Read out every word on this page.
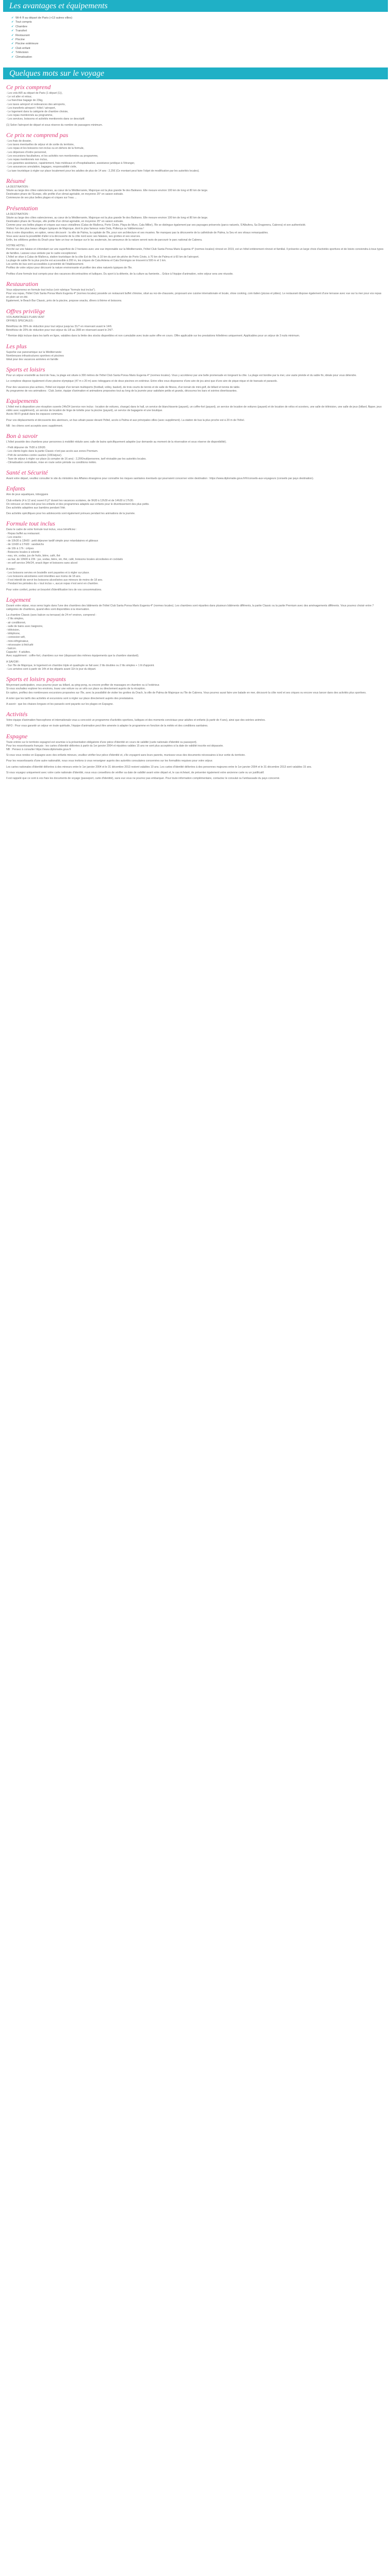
Les avantages et équipements
✔ Wi-fi ® au départ de Paris (+13 autres villes)
✔ Tout compris
✔ Chambre
✔ Transfert
✔ Restaurant
✔ Piscine
✔ Piscine extérieure
✔ Club enfant
✔ Télévision
✔ Climatisation
Quelques mots sur le voyage
Ce prix comprend

- Les vols A/R au départ de Paris (1 départ (1)),
- Le vol aller et retour,
- La franchise bagage de 23kg,
- Les taxes aéroport et redevances des aéroports,
- Les transferts aéroport / hôtel / aéroport,
- Le logement dans la catégorie de chambre choisie,
- Les repas mentionnés au programme,
- Les services, boissons et activités mentionnés dans ce descriptif.

(1) Selon l'aéroport de départ et sous réserve du nombre de passagers minimum.

Ce prix ne comprend pas

- Les frais de dossier,
- Les taxes éventuelles de séjour et de sortie du territoire,
- Les repas et les boissons non inclus ou en dehors de la formule,
- Les dépenses d'ordre personnel,
- Les excursions facultatives, et les activités non mentionnées au programme,
- Les repas mentionnés non inclus,
- Les garanties assistance, rapatriement, frais médicaux et d'hospitalisation, assistance juridique à l'étranger,
- Les assurances annulation, bagages, responsabilité civile,
- La taxe touristique à régler sur place localement pour les adultes de plus de 14 ans : 2,25€ (Ce montant peut faire l'objet de modification par les autorités locales).

Résumé

LA DESTINATION :
Située au large des côtes valenciennes, au cœur de la Méditerranée, Majorque est la plus grande île des Baléares. Elle mesure environ 100 km de long et 80 km de large.
Destination phare de l'Europe, elle profite d'un climat agréable, en moyenne 25° en saison estivale.
Commeune de ses plus belles plages et criques sur l'eau ...

Présentation

LA DESTINATION :
Située au large des côtes valenciennes, au cœur de la Méditerranée, Majorque est la plus grande île des Baléares. Elle mesure environ 100 km de long et 80 km de large.
Destination phare de l'Europe, elle profite d'un climat agréable, en moyenne 25° en saison estivale.
Comme pour ses belles plages et criques aux eaux cristallines (Calas de Mallorca, Porto Cristo, Playa de Muro, Cala Millor), l'île se distingue également par ses paysages préservés (parcs naturels, S'Albufera, Sa Dragonera, Cabrera) et son authenticité.
Visitez l'un des plus beaux villages typiques de Majorque, dont le plus fameux reste Deià, Pollença ou Valldemossa !
Avis à votre disposition, en option, venez découvrir : la ville de Palma, la capitale de l'île, pour son architecture et ses musées. Ne manquez pas la découverte de la cathédrale de Palma, la Seu et ses vitraux remarquables.
Vous avez aussi la possibilité d'aller à la découverte de la côte nord avec ses falaises, ses grottes et ses sources.
Enfin, les célèbres grottes du Drach pour faire un tour en barque sur le lac souterrain, les amoureux de la nature seront ravis de parcourir le parc national de Cabrera.

VOTRE HOTEL :
Perché sur une falaise et s'étendant sur une superficie de 2 hectares avec une vue imprenable sur la Méditerranée, l'hôtel Club Santa Ponsa Maris Eugenia 4* (normes locales) rénové en 2019, est un hôtel entièrement rénové et familial. Il présente un large choix d'activités sportives et de loisirs conviendra à tous types de familles. Laissez-vous séduire par le cadre exceptionnel.
L'hôtel se situe à Calas de Mallorca, station touristique de la côte Est de l'île, à 10 km du port de pêche de Porto Cristo, à 70 km de Palma et à 60 km de l'aéroport.
La plage de sable fin la plus proche est accessible à 200 m, les criques de Cala Antena et Cala Domingos se trouvent à 500 m et 1 km.
Les arrêts de bus sont accessibles à proximité de l'établissement.
Profitez de votre séjour pour découvrir la nature environnante et profiter des sites naturels typiques de l'île.

Profitez d'une formule tout compris pour des vacances décontractées et ludiques. Du sport à la détente, de la culture au farniente... Grâce à l'équipe d'animation, votre séjour sera une réussite.

Restauration

Vous séjournerez en formule tout inclus (voir rubrique "formule tout inclus").
Pour vos repas, l'hôtel Club Santa Ponsa Maris Eugenia 4* (normes locales) possède un restaurant buffet chinoise, situé au rez-de-chaussée, proposant une cuisine internationale et locale, show cooking, coin italien (pizzas et pâtes). Le restaurant dispose également d'une terrasse avec vue sur la mer pour vos repas en plein air en été.
Egalement, le Beach Bar Classic, près de la piscine, propose snacks, dîners à thème et boissons.

Offres privilège

VOS AVANTAGES PLAIN VENT
OFFRES SPECIALES :

Bénéficiez de 35% de réduction pour tout séjour jusqu'au 31/7 en réservant avant le 14/6.
Bénéficiez de 20% de réduction pour tout séjour du 1/8 au 28/8 en réservant avant le 24/7.

* Remise déjà incluse dans les tarifs en ligne, valables dans la limite des stocks disponibles et non cumulable avec toute autre offre en cours. Offre applicable sur les prestations hôtelières uniquement. Applicables pour un séjour de 3 nuits minimum.

Les plus

Superbe vue panoramique sur la Méditerranée
Nombreuses infrastructures sportives et piscines
Idéal pour des vacances animées en famille

Sports et loisirs

Pour un séjour ensoleillé au bord de l'eau, la plage est située à 300 mètres de l'hôtel Club Santa Ponsa Maris Eugenia 4* (normes locales). Vous y accéderez par une belle promenade en longeant la côte. La plage est bordée par la mer, une vaste pinède et du sable fin, idéale pour vous détendre.

Le complexe dispose également d'une piscine olympique (47 m x 20 m) avec toboggans et de deux piscines en extérieur. Entre elles vous disposerez d'une aire de jeu ainsi que d'une aire de pique-nique et de transats et parasols.

Pour des vacances plus actives, l'hôtel est équipé d'un terrain multisports (football, volley, basket), de trois courts de tennis et de salle de fitness, d'un terrain de mini-golf, de billard et tennis de table.
Au programme de vos animations : Club Junior, équipe d'animation et animations proposées tout au long de la journée pour satisfaire petits et grands, découvrez les bars et soirées divertissantes.

Equipements

L'hôtel met à disposition une réception ouverte 24h/24 (service non inclus : location de voitures, change) dans le hall, un service de blanchisserie (payant), un coffre-fort (payant), un service de location de voitures (payant) et de location de vélos et scooters, une salle de télévision, une salle de jeux (billard, flipper, jeux vidéo avec supplément), un service de location de linge de toilette pour la piscine (payant), un service de bagagerie et une boutique.
Accès Wi-Fi gratuit dans les espaces communs.

Pour vos déplacements et découverte des alentours, un bus urbain passe devant l'hôtel, accès à Palma et aux principales villes (avec supplément). La station de bus la plus proche est à 20 m de l'hôtel.

NB : les chiens sont acceptés avec supplément.

Bon à savoir

L'hôtel possède des chambres pour personnes à mobilité réduite avec salle de bains spécifiquement adaptée (sur demande au moment de la réservation et sous réserve de disponibilité).

- Petit déjeuner de 7h30 à 10h30.
- Les clients logés dans la partie Classic n'ont pas accès aux zones Premium.
- Prêt de serviettes contre caution (10€/séjour).
- Taxe de séjour à régler sur place (à compter de 16 ans) : 2,20€/nuit/personne, tarif révisable par les autorités locales.
- Climatisation centralisée, mise en route selon période ou conditions météo.

Santé et Sécurité

Avant votre départ, veuillez consulter le site du ministère des Affaires étrangères pour connaître les risques sanitaires éventuels qui pourraient concerner votre destination : https://www.diplomatie.gouv.fr/fr/conseils-aux-voyageurs (conseils par pays destination).

Enfants

Aire de jeux aquatiques, toboggans

Club enfants (4 à 12 ans) ouvert 6 j/7 durant les vacances scolaires, de 9h30 à 12h30 et de 14h30 à 17h30.
On retrouve un mini-club pour les enfants et des programmes adaptés aux enfants pour le divertissement des plus petits.
Des activités adaptées aux bambins pendant l'été.

Des activités spécifiques pour les adolescents sont également prévues pendant les animations de la journée.

Formule tout inclus

Dans le cadre de votre formule tout inclus, vous bénéficiez :
- Repas buffet au restaurant.
- Les snacks :
- de 10h30 à 13h00 : petit déjeuner tardif simple pour retardataires et gâteaux
- de 11h00 à 17h00 : sandwichs
- de 16h à 17h : crêpes
- Boissons locales à volonté :
- eau, vin, sodas, jus de fruits, bière, café, thé
- au bar, de 10h00 à 23h : jus, sodas, bière, vin, thé, café, boissons locales alcoolisées et cocktails
- en self service 24h/24, snack léger et boissons sans alcool

A noter :
- Les boissons servies en bouteille sont payantes et à régler sur place.
- Les boissons alcoolisées sont interdites aux moins de 18 ans.
- Il est interdit de servir les boissons alcoolisées aux mineurs de moins de 18 ans.
- Pendant les périodes du « tout inclus », aucun repas n'est servi en chambre.

Pour votre confort, portez un bracelet d'identification lors de vos consommations.

Logement

Durant votre séjour, vous serez logés dans l'une des chambres des bâtiments de l'hôtel Club Santa Ponsa Maris Eugenia 4* (normes locales). Les chambres sont réparties dans plusieurs bâtiments différents, la partie Classic ou la partie Premium avec des aménagements différents. Vous pourrez choisir entre 7 catégories de chambres, quand elles sont disponibles à la réservation.

La chambre Classic (avec balcon ou terrasse) de 24 m² environ, comprend :
- 2 lits simples,
- air conditionné,
- salle de bains avec baignoire,
- télévision,
- téléphone,
- connexion wifi,
- mini-réfrigérateur,
- nécessaire à thé/café
- balcon.
Capacité : 4 adultes.
Avec supplément : coffre-fort, chambres sur mer (disposant des mêmes équipements que la chambre standard).

A SAVOIR :
- Sur l'île de Majorque, le logement en chambre triple et quadruple se fait avec 2 lits doubles ou 2 lits simples + 1 lit d'appoint.
- Les arrivées sont à partir de 14h et les départs avant 11h le jour du départ.

Sports et loisirs payants

Moyennant participation, vous pourrez jouer au billard, au ping-pong, ou encore profiter de massages en chambre ou à l'extérieur.
Si vous souhaitez explorer les environs, louez une voiture ou un vélo sur place ou directement auprès de la réception.
En option, profitez des nombreuses excursions proposées sur l'île, avec la possibilité de visiter les grottes du Drach, la ville de Palma de Majorque ou l'île de Cabrera. Vous pourrez aussi faire une balade en mer, découvrir la côte nord et ses criques ou encore vous lancer dans des activités plus sportives.

A noter que les tarifs des activités et excursions sont à régler sur place directement auprès des prestataires.

A savoir : que les chaises longues et les parasols sont payants sur les plages en Espagne.

Activités

Votre équipe d'animation francophone et internationale vous a concocté un programme d'activités sportives, ludiques et des moments conviviaux pour adultes et enfants (à partir de 4 ans), ainsi que des soirées animées.

INFO : Pour vous garantir un séjour en toute quiétude, l'équipe d'animation peut être amenée à adapter le programme en fonction de la météo et des conditions sanitaires.

Espagne

Toute entrée sur le territoire espagnol est soumise à la présentation obligatoire d'une pièce d'identité en cours de validité (carte nationale d'identité ou passeport).
Pour les ressortissants français : les cartes d'identité délivrées à partir du 1er janvier 2004 et réputées valides 15 ans ne sont plus acceptées si la date de validité inscrite est dépassée.
NB : Pensez à consulter https://www.diplomatie.gouv.fr

Si vous vous rendez en Espagne avec des enfants mineurs, veuillez vérifier leur pièce d'identité et, s'ils voyagent sans leurs parents, munissez-vous des documents nécessaires à leur sortie du territoire.

Pour les ressortissants d'une autre nationalité, nous vous invitons à vous renseigner auprès des autorités consulaires concernées sur les formalités requises pour votre séjour.

Les cartes nationales d'identité délivrées à des mineurs entre le 1er janvier 2004 et le 31 décembre 2013 restent valables 10 ans. Les cartes d'identité délivrées à des personnes majeures entre le 1er janvier 2004 et le 31 décembre 2013 sont valables 15 ans.

Si vous voyagez uniquement avec votre carte nationale d'identité, nous vous conseillons de vérifier sa date de validité avant votre départ et, le cas échéant, de présenter également votre ancienne carte ou un justificatif.

Il est rappelé que ce sont à vos frais les documents de voyage (passeport, carte d'identité), sans eux vous ne pourrez pas embarquer. Pour toute information complémentaire, contactez le consulat ou l'ambassade du pays concerné.
